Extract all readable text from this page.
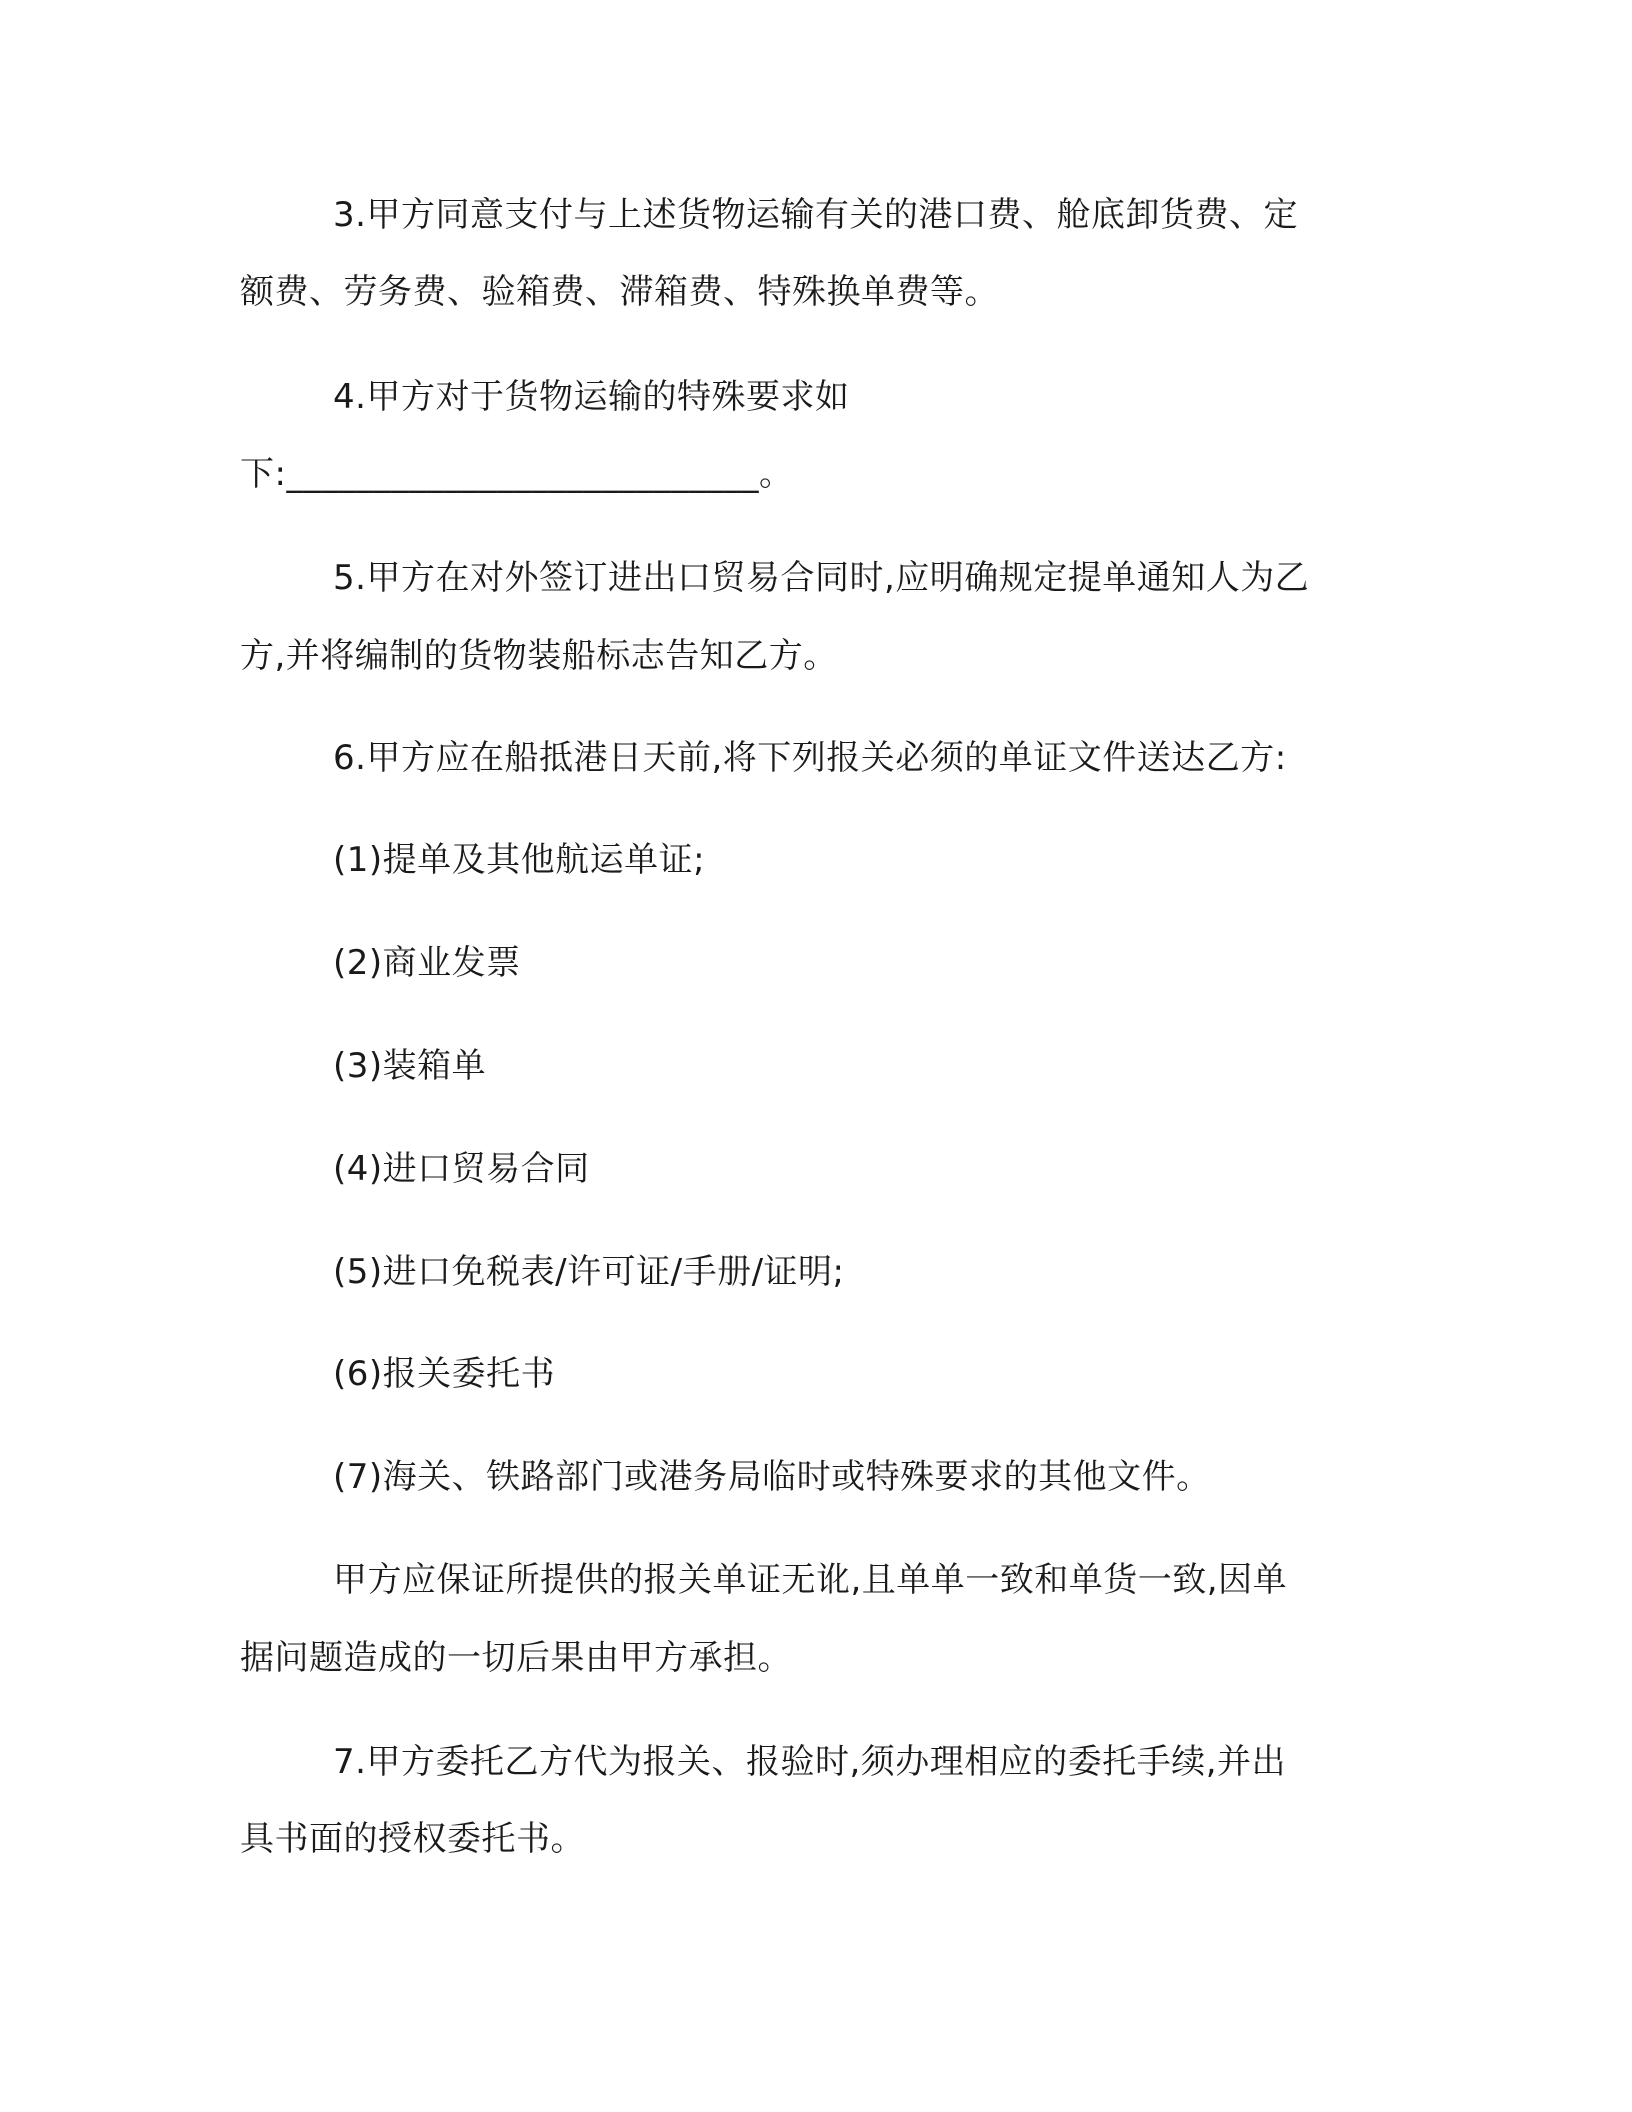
3.甲方同意支付与上述货物运输有关的港口费、舱底卸货费、定
额费、劳务费、验箱费、滞箱费、特殊换单费等。
4.甲方对于货物运输的特殊要求如
下:___________________________。
5.甲方在对外签订进出口贸易合同时,应明确规定提单通知人为乙
方,并将编制的货物装船标志告知乙方。
6.甲方应在船抵港日天前,将下列报关必须的单证文件送达乙方:
(1)提单及其他航运单证;
(2)商业发票
(3)装箱单
(4)进口贸易合同
(5)进口免税表/许可证/手册/证明;
(6)报关委托书
(7)海关、铁路部门或港务局临时或特殊要求的其他文件。
甲方应保证所提供的报关单证无讹,且单单一致和单货一致,因单
据问题造成的一切后果由甲方承担。
7.甲方委托乙方代为报关、报验时,须办理相应的委托手续,并出
具书面的授权委托书。
